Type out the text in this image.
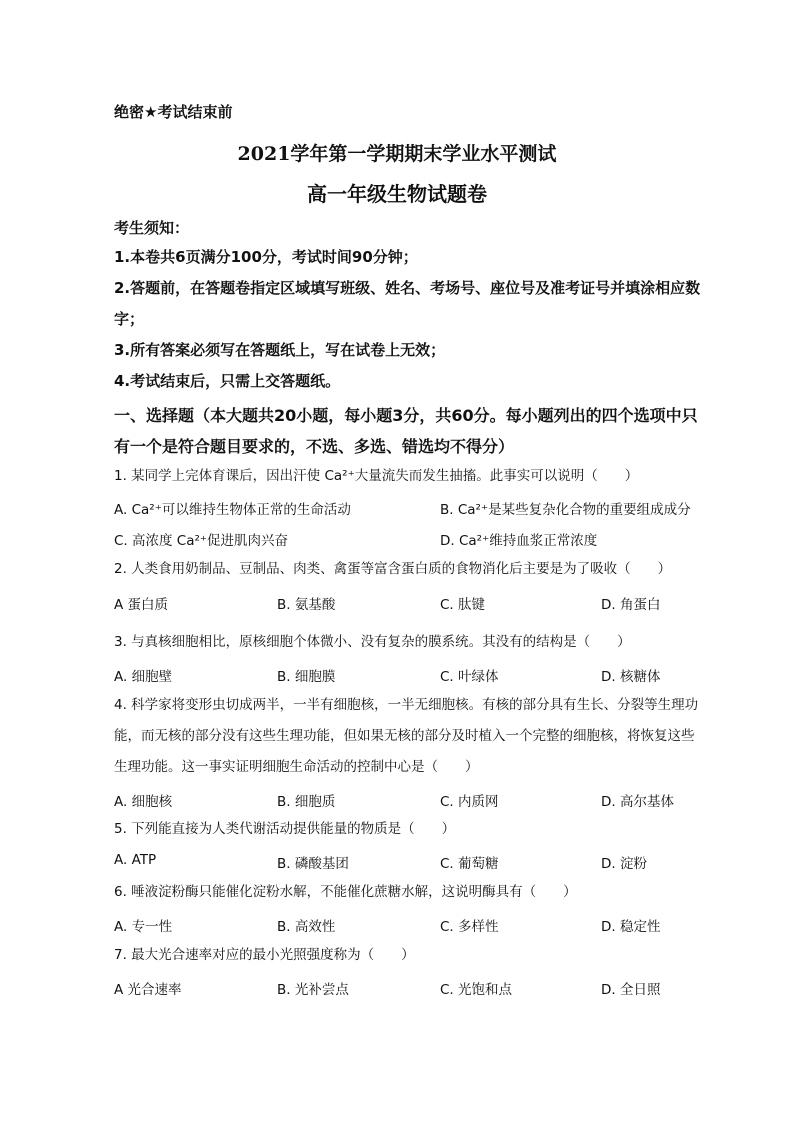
绝密★考试结束前
2021学年第一学期期末学业水平测试
高一年级生物试题卷
考生须知：
1.本卷共6页满分100分，考试时间90分钟；
2.答题前，在答题卷指定区域填写班级、姓名、考场号、座位号及准考证号并填涂相应数字；
3.所有答案必须写在答题纸上，写在试卷上无效；
4.考试结束后，只需上交答题纸。
一、选择题（本大题共20小题，每小题3分，共60分。每小题列出的四个选项中只有一个是符合题目要求的，不选、多选、错选均不得分）
1. 某同学上完体育课后，因出汗使 Ca²⁺大量流失而发生抽搐。此事实可以说明（　　）
A. Ca²⁺可以维持生物体正常的生命活动	B. Ca²⁺是某些复杂化合物的重要组成成分
C. 高浓度 Ca²⁺促进肌肉兴奋	D. Ca²⁺维持血浆正常浓度
2. 人类食用奶制品、豆制品、肉类、禽蛋等富含蛋白质的食物消化后主要是为了吸收（　　）
A 蛋白质	B. 氨基酸	C. 肽键	D. 角蛋白
3. 与真核细胞相比，原核细胞个体微小、没有复杂的膜系统。其没有的结构是（　　）
A. 细胞壁	B. 细胞膜	C. 叶绿体	D. 核糖体
4. 科学家将变形虫切成两半，一半有细胞核，一半无细胞核。有核的部分具有生长、分裂等生理功能，而无核的部分没有这些生理功能，但如果无核的部分及时植入一个完整的细胞核，将恢复这些生理功能。这一事实证明细胞生命活动的控制中心是（　　）
A. 细胞核	B. 细胞质	C. 内质网	D. 高尔基体
5. 下列能直接为人类代谢活动提供能量的物质是（　　）
A. ATP	B. 磷酸基团	C. 葡萄糖	D. 淀粉
6. 唾液淀粉酶只能催化淀粉水解，不能催化蔗糖水解，这说明酶具有（　　）
A. 专一性	B. 高效性	C. 多样性	D. 稳定性
7. 最大光合速率对应的最小光照强度称为（　　）
A 光合速率	B. 光补尝点	C. 光饱和点	D. 全日照
